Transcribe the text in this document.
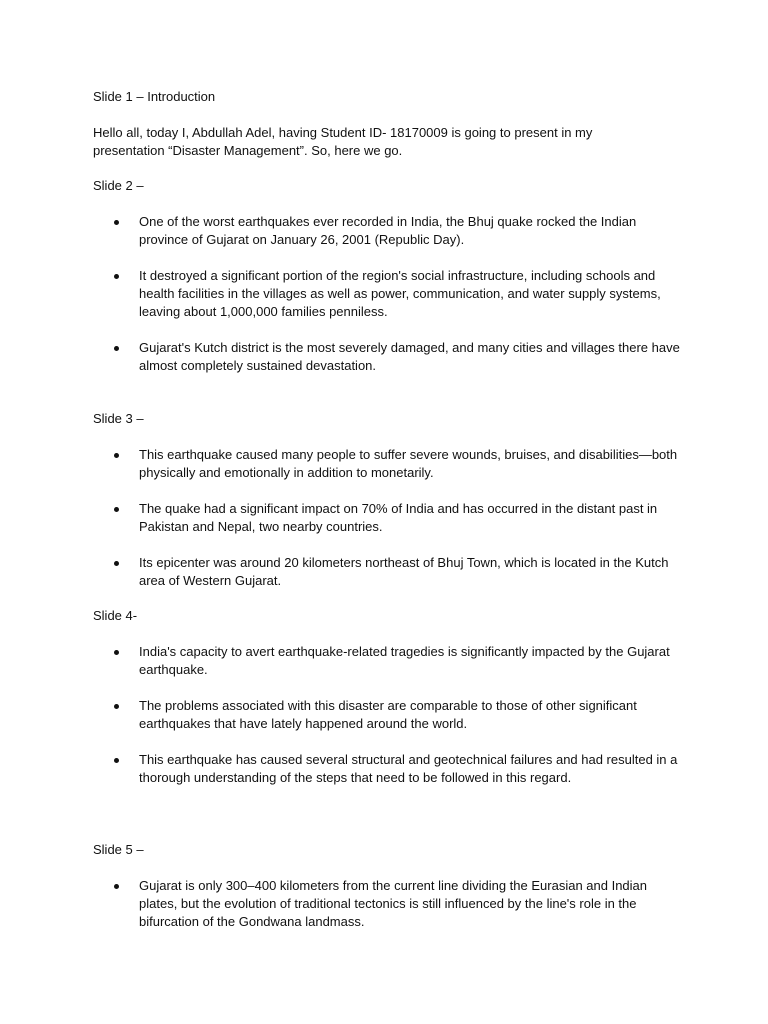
Slide 1 – Introduction
Hello all, today I, Abdullah Adel, having Student ID- 18170009 is going to present in my
presentation “Disaster Management”. So, here we go.
Slide 2 –
One of the worst earthquakes ever recorded in India, the Bhuj quake rocked the Indian province of Gujarat on January 26, 2001 (Republic Day).
It destroyed a significant portion of the region's social infrastructure, including schools and health facilities in the villages as well as power, communication, and water supply systems, leaving about 1,000,000 families penniless.
Gujarat's Kutch district is the most severely damaged, and many cities and villages there have almost completely sustained devastation.
Slide 3 –
This earthquake caused many people to suffer severe wounds, bruises, and disabilities—both physically and emotionally in addition to monetarily.
The quake had a significant impact on 70% of India and has occurred in the distant past in Pakistan and Nepal, two nearby countries.
Its epicenter was around 20 kilometers northeast of Bhuj Town, which is located in the Kutch area of Western Gujarat.
Slide 4-
India's capacity to avert earthquake-related tragedies is significantly impacted by the Gujarat earthquake.
The problems associated with this disaster are comparable to those of other significant earthquakes that have lately happened around the world.
This earthquake has caused several structural and geotechnical failures and had resulted in a thorough understanding of the steps that need to be followed in this regard.
Slide 5 –
Gujarat is only 300–400 kilometers from the current line dividing the Eurasian and Indian plates, but the evolution of traditional tectonics is still influenced by the line's role in the bifurcation of the Gondwana landmass.
